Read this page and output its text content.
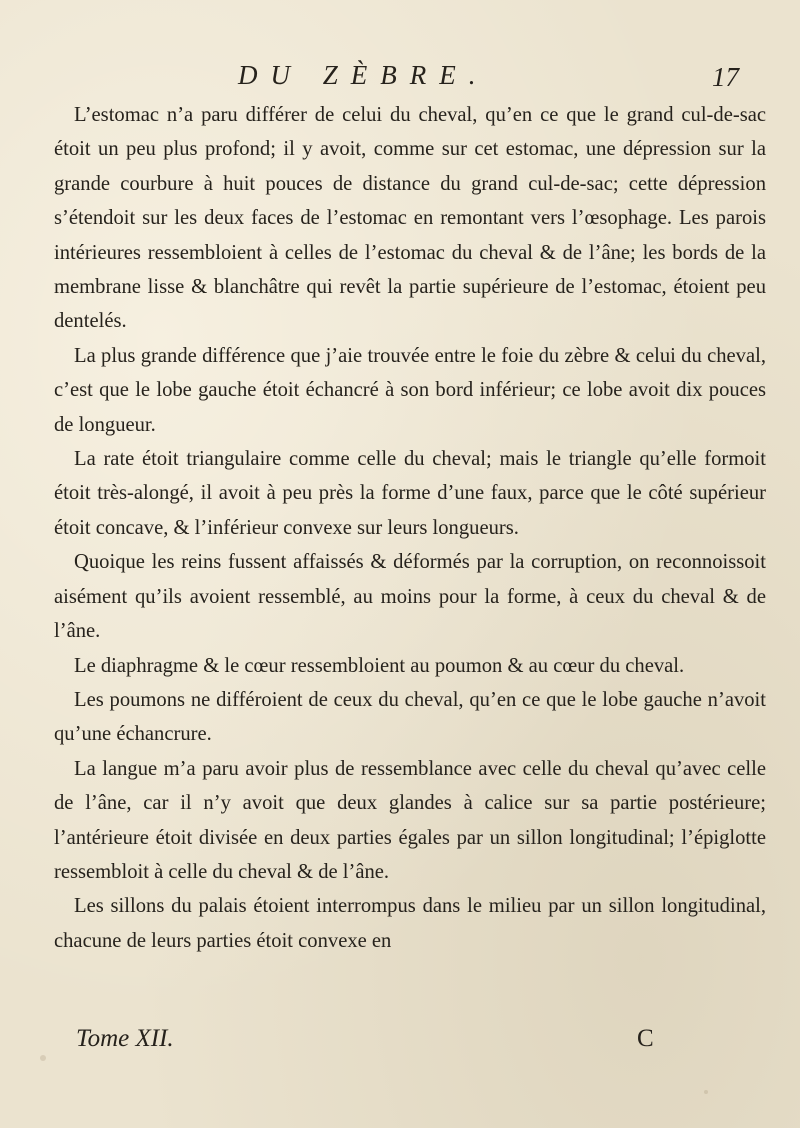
DU ZÈBRE.	17

L’estomac n’a paru différer de celui du cheval, qu’en ce que le grand cul-de-sac étoit un peu plus profond; il y avoit, comme sur cet estomac, une dépression sur la grande courbure à huit pouces de distance du grand cul-de-sac; cette dépression s’étendoit sur les deux faces de l’estomac en remontant vers l’œsophage. Les parois intérieures ressembloient à celles de l’estomac du cheval & de l’âne; les bords de la membrane lisse & blanchâtre qui revêt la partie supérieure de l’estomac, étoient peu dentelés.

La plus grande différence que j’aie trouvée entre le foie du zèbre & celui du cheval, c’est que le lobe gauche étoit échancré à son bord inférieur; ce lobe avoit dix pouces de longueur.

La rate étoit triangulaire comme celle du cheval; mais le triangle qu’elle formoit étoit très-alongé, il avoit à peu près la forme d’une faux, parce que le côté supérieur étoit concave, & l’inférieur convexe sur leurs longueurs.

Quoique les reins fussent affaissés & déformés par la corruption, on reconnoissoit aisément qu’ils avoient ressemblé, au moins pour la forme, à ceux du cheval & de l’âne.

Le diaphragme & le cœur ressembloient au poumon & au cœur du cheval.

Les poumons ne différoient de ceux du cheval, qu’en ce que le lobe gauche n’avoit qu’une échancrure.

La langue m’a paru avoir plus de ressemblance avec celle du cheval qu’avec celle de l’âne, car il n’y avoit que deux glandes à calice sur sa partie postérieure; l’antérieure étoit divisée en deux parties égales par un sillon longitudinal; l’épiglotte ressembloit à celle du cheval & de l’âne.

Les sillons du palais étoient interrompus dans le milieu par un sillon longitudinal, chacune de leurs parties étoit convexe en

Tome XII.	C
